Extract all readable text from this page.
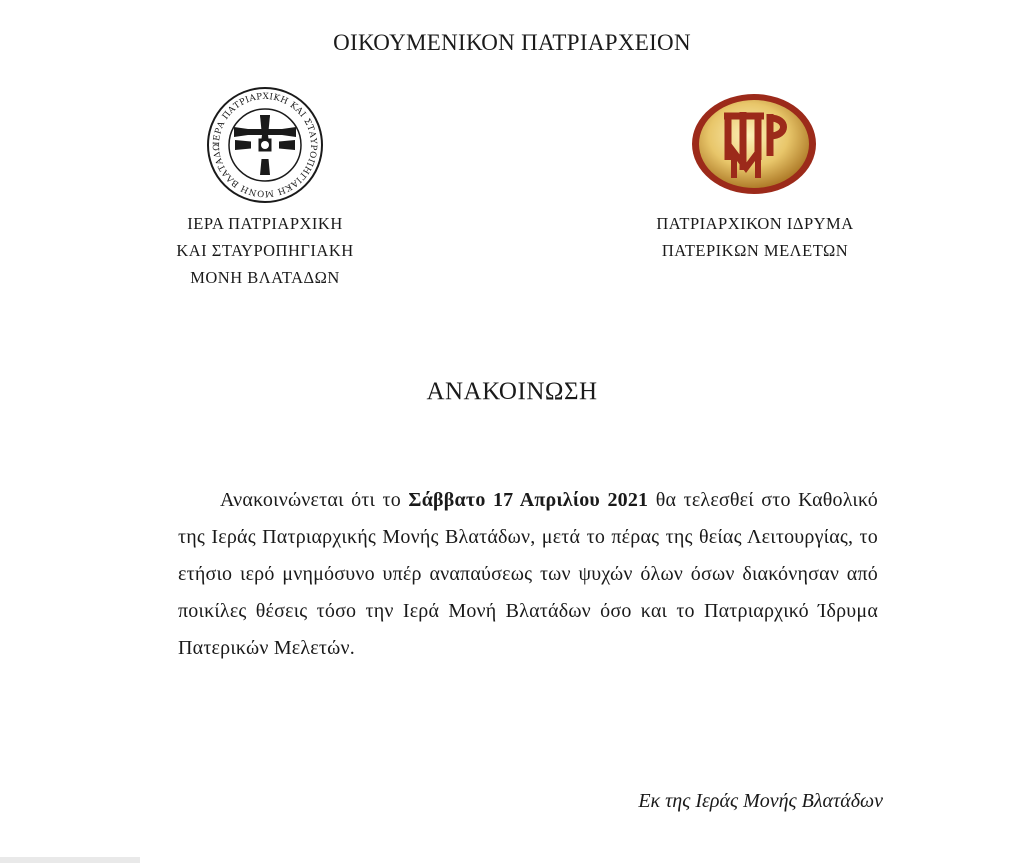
ΟΙΚΟΥΜΕΝΙΚΟΝ ΠΑΤΡΙΑΡΧΕΙΟΝ
ΙΕΡΑ ΠΑΤΡΙΑΡΧΙΚΗ ΚΑΙ ΣΤΑΥΡΟΠΗΓΙΑΚΗ ΜΟΝΗ ΒΛΑΤΑΔΩ
ΠΙΠΜ
ΙΕΡΑ ΠΑΤΡΙΑΡΧΙΚΗ
ΚΑΙ ΣΤΑΥΡΟΠΗΓΙΑΚΗ
ΜΟΝΗ ΒΛΑΤΑΔΩΝ
ΠΑΤΡΙΑΡΧΙΚΟΝ ΙΔΡΥΜΑ
ΠΑΤΕΡΙΚΩΝ ΜΕΛΕΤΩΝ
ΑΝΑΚΟΙΝΩΣΗ

Ανακοινώνεται ότι το Σάββατο 17 Απριλίου 2021 θα τελεσθεί στο Καθολικό της Ιεράς Πατριαρχικής Μονής Βλατάδων, μετά το πέρας της θείας Λειτουργίας, το ετήσιο ιερό μνημόσυνο υπέρ αναπαύσεως των ψυχών όλων όσων διακόνησαν από ποικίλες θέσεις τόσο την Ιερά Μονή Βλατάδων όσο και το Πατριαρχικό Ίδρυμα Πατερικών Μελετών.

Εκ της Ιεράς Μονής Βλατάδων
